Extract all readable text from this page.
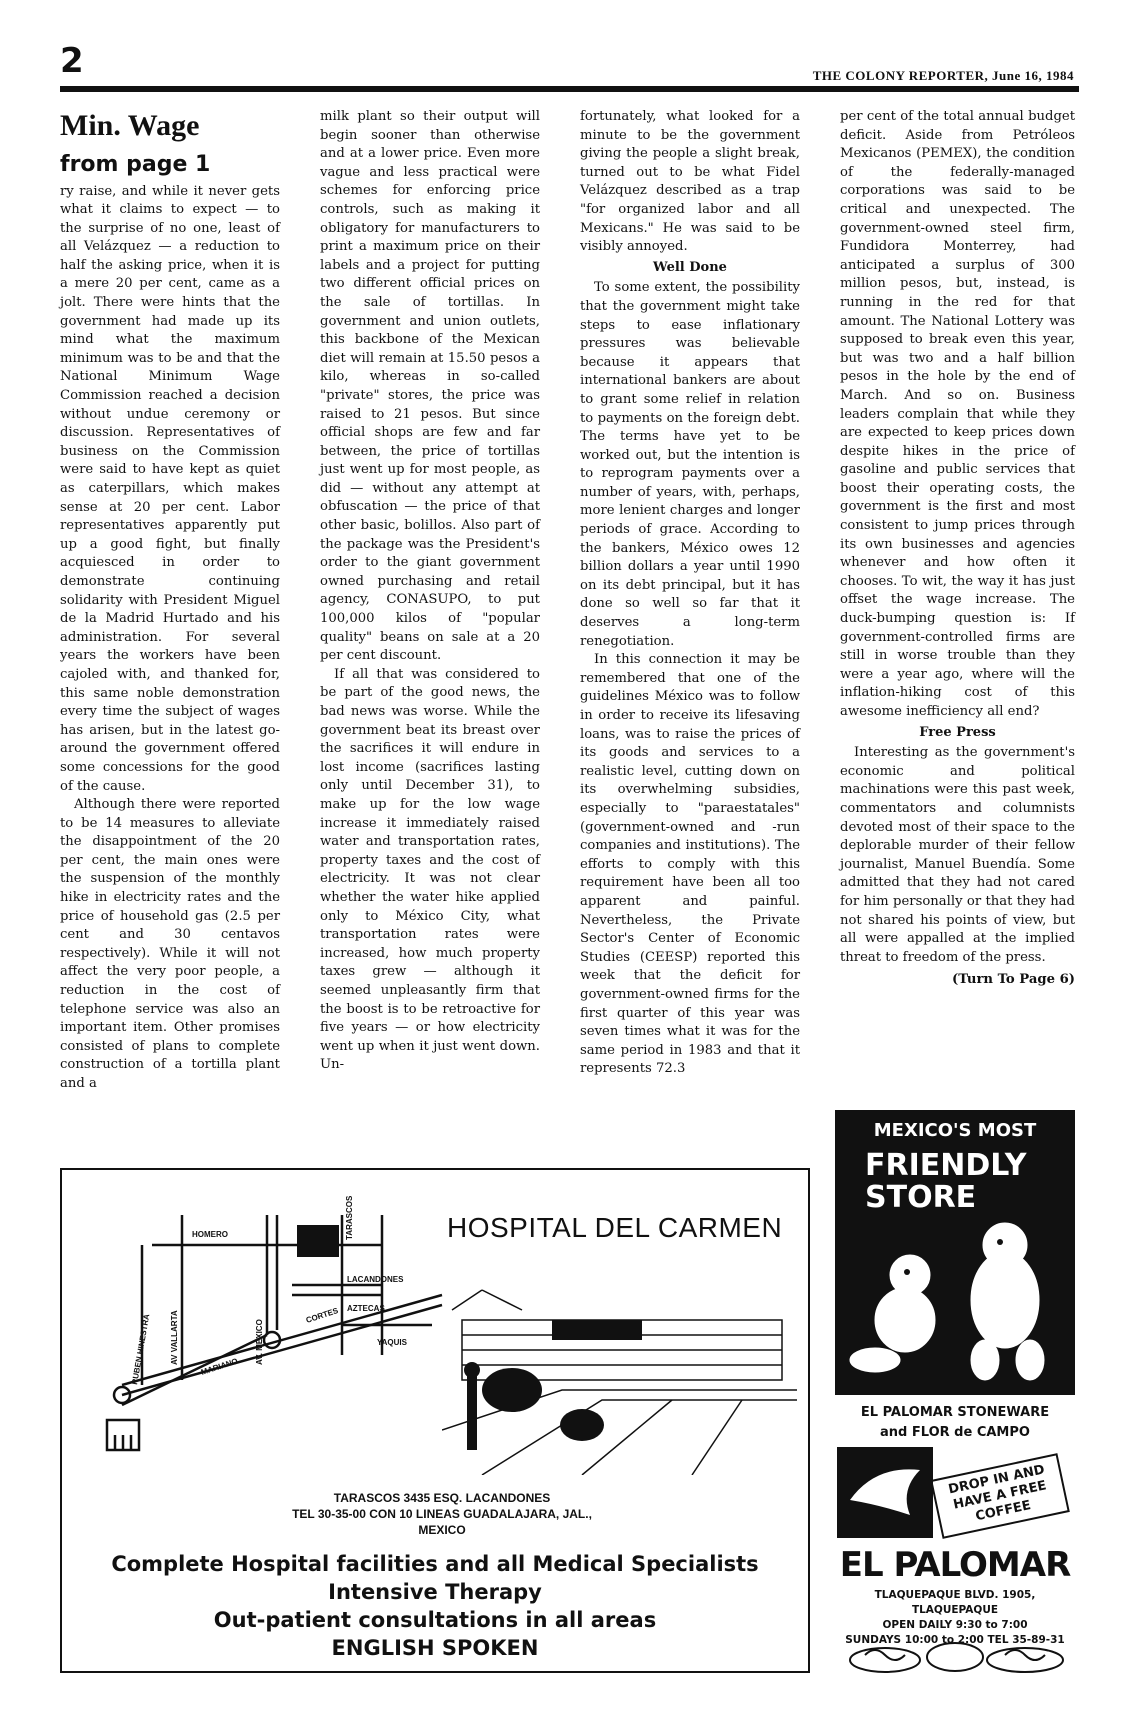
2	THE COLONY REPORTER, June 16, 1984
Min. Wage
from page 1

ry raise, and while it never gets what it claims to expect — to the surprise of no one, least of all Velázquez — a reduction to half the asking price, when it is a mere 20 per cent, came as a jolt. There were hints that the government had made up its mind what the maximum minimum was to be and that the National Minimum Wage Commission reached a decision without undue ceremony or discussion. Representatives of business on the Commission were said to have kept as quiet as caterpillars, which makes sense at 20 per cent. Labor representatives apparently put up a good fight, but finally acquiesced in order to demonstrate continuing solidarity with President Miguel de la Madrid Hurtado and his administration. For several years the workers have been cajoled with, and thanked for, this same noble demonstration every time the subject of wages has arisen, but in the latest go-around the government offered some concessions for the good of the cause.

Although there were reported to be 14 measures to alleviate the disappointment of the 20 per cent, the main ones were the suspension of the monthly hike in electricity rates and the price of household gas (2.5 per cent and 30 centavos respectively). While it will not affect the very poor people, a reduction in the cost of telephone service was also an important item. Other promises consisted of plans to complete construction of a tortilla plant and a

milk plant so their output will begin sooner than otherwise and at a lower price. Even more vague and less practical were schemes for enforcing price controls, such as making it obligatory for manufacturers to print a maximum price on their labels and a project for putting two different official prices on the sale of tortillas. In government and union outlets, this backbone of the Mexican diet will remain at 15.50 pesos a kilo, whereas in so-called "private" stores, the price was raised to 21 pesos. But since official shops are few and far between, the price of tortillas just went up for most people, as did — without any attempt at obfuscation — the price of that other basic, bolillos. Also part of the package was the President's order to the giant government owned purchasing and retail agency, CONASUPO, to put 100,000 kilos of "popular quality" beans on sale at a 20 per cent discount.

If all that was considered to be part of the good news, the bad news was worse. While the government beat its breast over the sacrifices it will endure in lost income (sacrifices lasting only until December 31), to make up for the low wage increase it immediately raised water and transportation rates, property taxes and the cost of electricity. It was not clear whether the water hike applied only to México City, what transportation rates were increased, how much property taxes grew — although it seemed unpleasantly firm that the boost is to be retroactive for five years — or how electricity went up when it just went down. Un-

fortunately, what looked for a minute to be the government giving the people a slight break, turned out to be what Fidel Velázquez described as a trap "for organized labor and all Mexicans." He was said to be visibly annoyed.

Well Done

To some extent, the possibility that the government might take steps to ease inflationary pressures was believable because it appears that international bankers are about to grant some relief in relation to payments on the foreign debt. The terms have yet to be worked out, but the intention is to reprogram payments over a number of years, with, perhaps, more lenient charges and longer periods of grace. According to the bankers, México owes 12 billion dollars a year until 1990 on its debt principal, but it has done so well so far that it deserves a long-term renegotiation.

In this connection it may be remembered that one of the guidelines México was to follow in order to receive its lifesaving loans, was to raise the prices of its goods and services to a realistic level, cutting down on its overwhelming subsidies, especially to "paraestatales" (government-owned and -run companies and institutions). The efforts to comply with this requirement have been all too apparent and painful. Nevertheless, the Private Sector's Center of Economic Studies (CEESP) reported this week that the deficit for government-owned firms for the first quarter of this year was seven times what it was for the same period in 1983 and that it represents 72.3

per cent of the total annual budget deficit. Aside from Petróleos Mexicanos (PEMEX), the condition of the federally-managed corporations was said to be critical and unexpected. The government-owned steel firm, Fundidora Monterrey, had anticipated a surplus of 300 million pesos, but, instead, is running in the red for that amount. The National Lottery was supposed to break even this year, but was two and a half billion pesos in the hole by the end of March. And so on. Business leaders complain that while they are expected to keep prices down despite hikes in the price of gasoline and public services that boost their operating costs, the government is the first and most consistent to jump prices through its own businesses and agencies whenever and how often it chooses. To wit, the way it has just offset the wage increase. The duck-bumping question is: If government-controlled firms are still in worse trouble than they were a year ago, where will the inflation-hiking cost of this awesome inefficiency all end?

Free Press

Interesting as the government's economic and political machinations were this past week, commentators and columnists devoted most of their space to the deplorable murder of their fellow journalist, Manuel Buendía. Some admitted that they had not cared for him personally or that they had not shared his points of view, but all were appalled at the implied threat to freedom of the press.

(Turn To Page 6)
HOMERO
LACANDONES
AZTECAS
YAQUIS
CORTES
MARIANO
TARASCOS
AV VALLARTA	AV. MEXICO
RUBEN HINESTRA
HOSPITAL DEL CARMEN
TARASCOS 3435 ESQ. LACANDONES
TEL 30-35-00 CON 10 LINEAS GUADALAJARA, JAL.,
MEXICO
Complete Hospital facilities and all Medical Specialists
Intensive Therapy
Out-patient consultations in all areas
ENGLISH SPOKEN
MEXICO'S MOST
FRIENDLY
STORE
EL PALOMAR STONEWARE
and FLOR de CAMPO
DROP IN AND HAVE A FREE COFFEE
EL PALOMAR
TLAQUEPAQUE BLVD. 1905, TLAQUEPAQUE
OPEN DAILY 9:30 to 7:00
SUNDAYS 10:00 to 2:00 TEL 35-89-31
